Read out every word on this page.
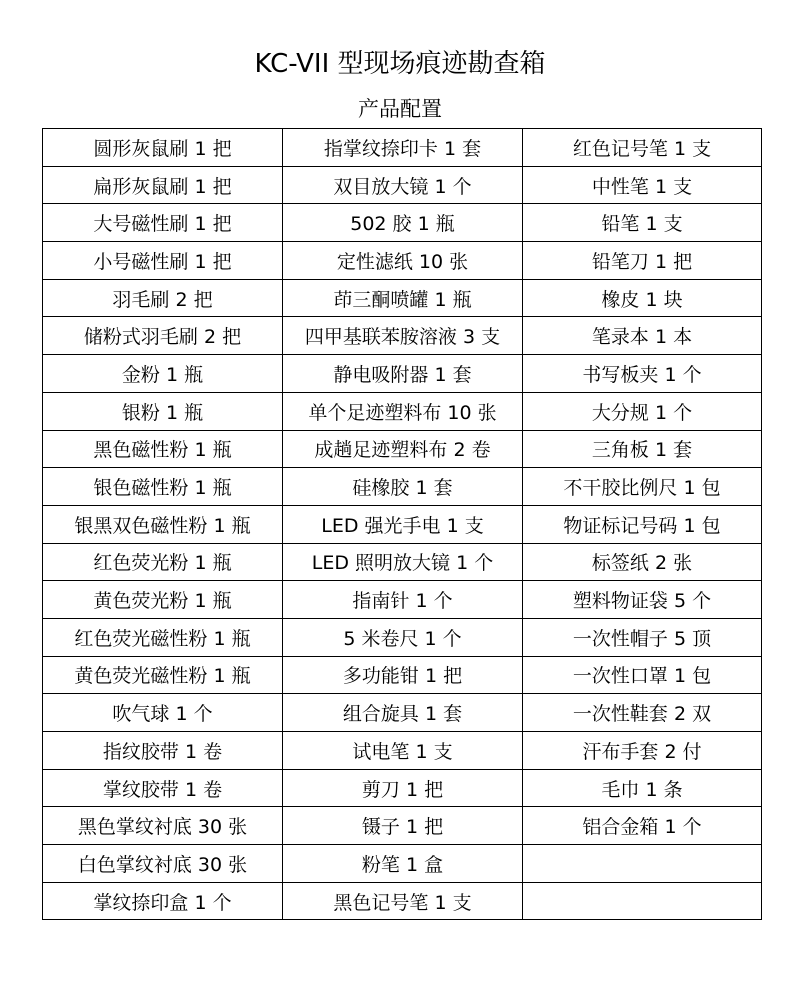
KC-VII 型现场痕迹勘查箱
产品配置
圆形灰鼠刷 1 把	指掌纹捺印卡 1 套	红色记号笔 1 支
扁形灰鼠刷 1 把	双目放大镜 1 个	中性笔 1 支
大号磁性刷 1 把	502 胶 1 瓶	铅笔 1 支
小号磁性刷 1 把	定性滤纸 10 张	铅笔刀 1 把
羽毛刷 2 把	茚三酮喷罐 1 瓶	橡皮 1 块
储粉式羽毛刷 2 把	四甲基联苯胺溶液 3 支	笔录本 1 本
金粉 1 瓶	静电吸附器 1 套	书写板夹 1 个
银粉 1 瓶	单个足迹塑料布 10 张	大分规 1 个
黑色磁性粉 1 瓶	成趟足迹塑料布 2 卷	三角板 1 套
银色磁性粉 1 瓶	硅橡胶 1 套	不干胶比例尺 1 包
银黑双色磁性粉 1 瓶	LED 强光手电 1 支	物证标记号码 1 包
红色荧光粉 1 瓶	LED 照明放大镜 1 个	标签纸 2 张
黄色荧光粉 1 瓶	指南针 1 个	塑料物证袋 5 个
红色荧光磁性粉 1 瓶	5 米卷尺 1 个	一次性帽子 5 顶
黄色荧光磁性粉 1 瓶	多功能钳 1 把	一次性口罩 1 包
吹气球 1 个	组合旋具 1 套	一次性鞋套 2 双
指纹胶带 1 卷	试电笔 1 支	汗布手套 2 付
掌纹胶带 1 卷	剪刀 1 把	毛巾 1 条
黑色掌纹衬底 30 张	镊子 1 把	铝合金箱 1 个
白色掌纹衬底 30 张	粉笔 1 盒	
掌纹捺印盒 1 个	黑色记号笔 1 支	
